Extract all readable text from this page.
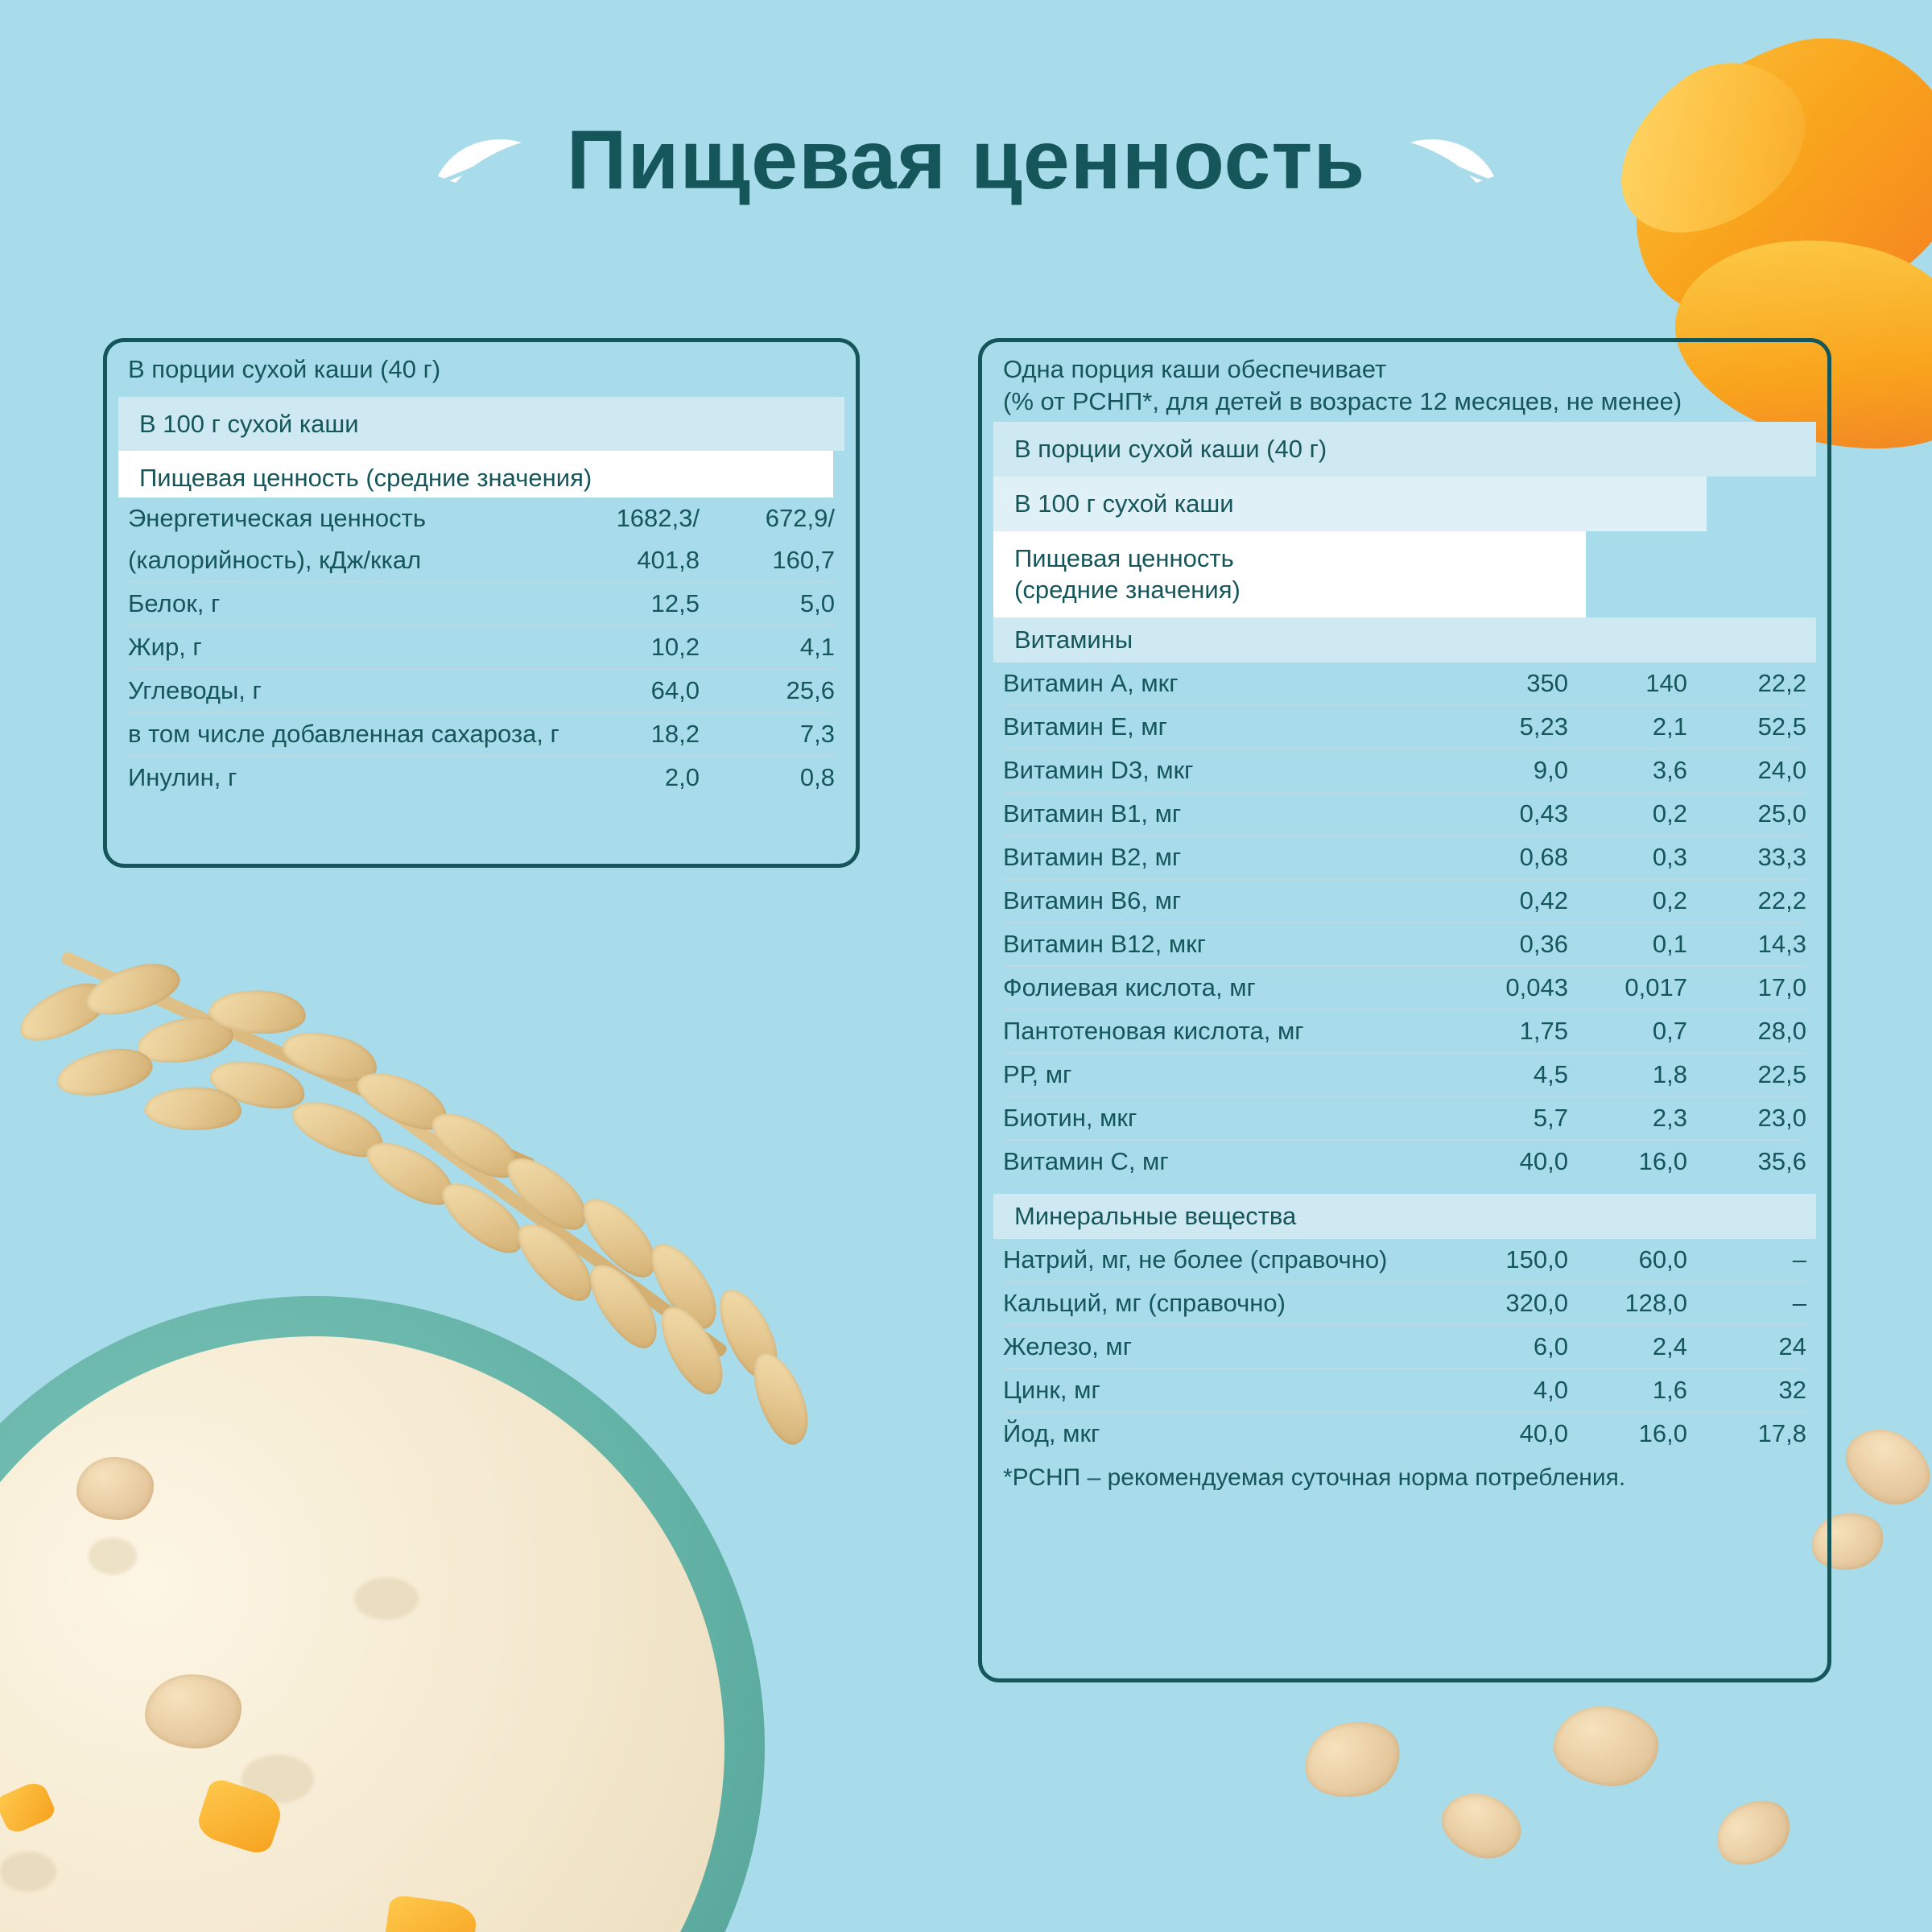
Пищевая ценность
В порции сухой каши (40 г)
В 100 г сухой каши
Пищевая ценность (средние значения)
Энергетическая ценность	1682,3/	672,9/
(калорийность), кДж/ккал	401,8	160,7
Белок, г	12,5	5,0
Жир, г	10,2	4,1
Углеводы, г	64,0	25,6
в том числе добавленная сахароза, г	18,2	7,3
Инулин, г	2,0	0,8
Одна порция каши обеспечивает
(% от РСНП*, для детей в возрасте 12 месяцев, не менее)
В порции сухой каши (40 г)
В 100 г сухой каши
Пищевая ценность
(средние значения)
Витамины
Витамин А, мкг	350	140	22,2
Витамин Е, мг	5,23	2,1	52,5
Витамин D3, мкг	9,0	3,6	24,0
Витамин В1, мг	0,43	0,2	25,0
Витамин В2, мг	0,68	0,3	33,3
Витамин В6, мг	0,42	0,2	22,2
Витамин В12, мкг	0,36	0,1	14,3
Фолиевая кислота, мг	0,043	0,017	17,0
Пантотеновая кислота, мг	1,75	0,7	28,0
РР, мг	4,5	1,8	22,5
Биотин, мкг	5,7	2,3	23,0
Витамин С, мг	40,0	16,0	35,6
Минеральные вещества
Натрий, мг, не более (справочно)	150,0	60,0	–
Кальций, мг (справочно)	320,0	128,0	–
Железо, мг	6,0	2,4	24
Цинк, мг	4,0	1,6	32
Йод, мкг	40,0	16,0	17,8
*РСНП – рекомендуемая суточная норма потребления.
